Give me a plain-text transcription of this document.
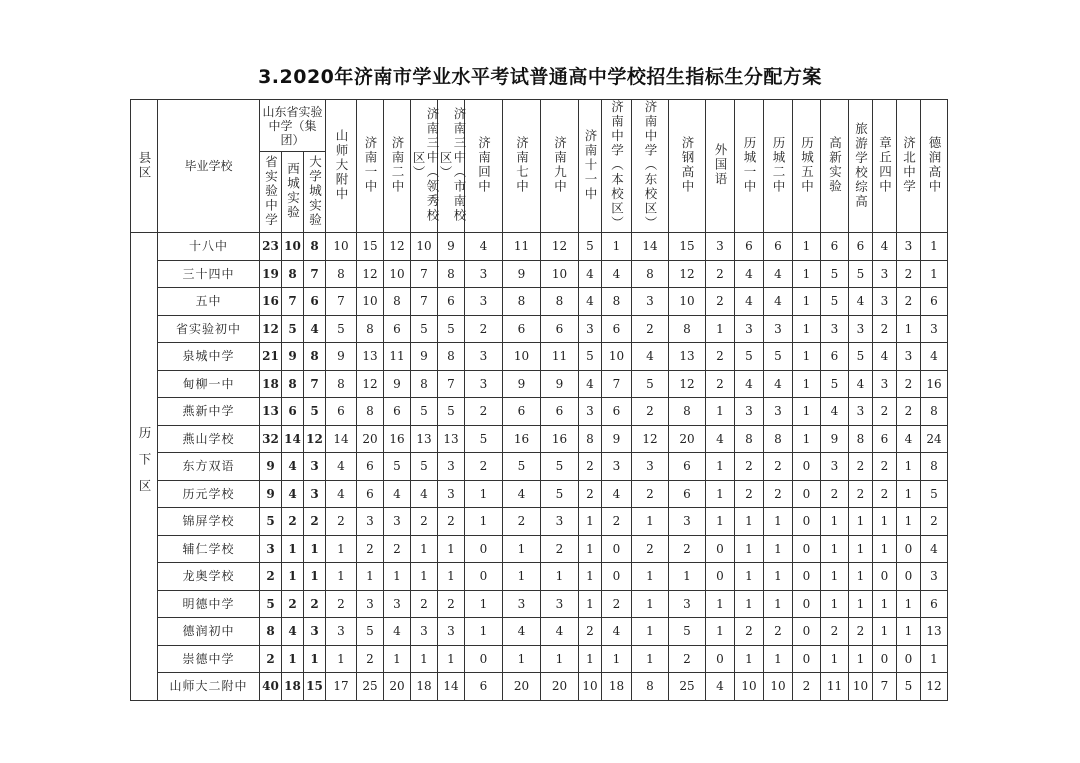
3.2020年济南市学业水平考试普通高中学校招生指标生分配方案
县区	毕业学校	山东省实验中学（集团）			山师大附中	济南一中	济南二中	济南三中（领秀校区）	济南三中（市南校区）	济南回中	济南七中	济南九中	济南十一中	济南中学（本校区）	济南中学（东校区）	济钢高中	外国语	历城一中	历城二中	历城五中	高新实验	旅游学校综高	章丘四中	济北中学	德润高中
		省实验中学	西城实验	大学城实验																					
历下区	十八中	23	10	8	10	15	12	10	9	4	11	12	5	1	14	15	3	6	6	1	6	6	4	3	1
	三十四中	19	8	7	8	12	10	7	8	3	9	10	4	4	8	12	2	4	4	1	5	5	3	2	1
	五中	16	7	6	7	10	8	7	6	3	8	8	4	8	3	10	2	4	4	1	5	4	3	2	6
	省实验初中	12	5	4	5	8	6	5	5	2	6	6	3	6	2	8	1	3	3	1	3	3	2	1	3
	泉城中学	21	9	8	9	13	11	9	8	3	10	11	5	10	4	13	2	5	5	1	6	5	4	3	4
	甸柳一中	18	8	7	8	12	9	8	7	3	9	9	4	7	5	12	2	4	4	1	5	4	3	2	16
	燕新中学	13	6	5	6	8	6	5	5	2	6	6	3	6	2	8	1	3	3	1	4	3	2	2	8
	燕山学校	32	14	12	14	20	16	13	13	5	16	16	8	9	12	20	4	8	8	1	9	8	6	4	24
	东方双语	9	4	3	4	6	5	5	3	2	5	5	2	3	3	6	1	2	2	0	3	2	2	1	8
	历元学校	9	4	3	4	6	4	4	3	1	4	5	2	4	2	6	1	2	2	0	2	2	2	1	5
	锦屏学校	5	2	2	2	3	3	2	2	1	2	3	1	2	1	3	1	1	1	0	1	1	1	1	2
	辅仁学校	3	1	1	1	2	2	1	1	0	1	2	1	0	2	2	0	1	1	0	1	1	1	0	4
	龙奥学校	2	1	1	1	1	1	1	1	0	1	1	1	0	1	1	0	1	1	0	1	1	0	0	3
	明德中学	5	2	2	2	3	3	2	2	1	3	3	1	2	1	3	1	1	1	0	1	1	1	1	6
	德润初中	8	4	3	3	5	4	3	3	1	4	4	2	4	1	5	1	2	2	0	2	2	1	1	13
	崇德中学	2	1	1	1	2	1	1	1	0	1	1	1	1	1	2	0	1	1	0	1	1	0	0	1
	山师大二附中	40	18	15	17	25	20	18	14	6	20	20	10	18	8	25	4	10	10	2	11	10	7	5	12
